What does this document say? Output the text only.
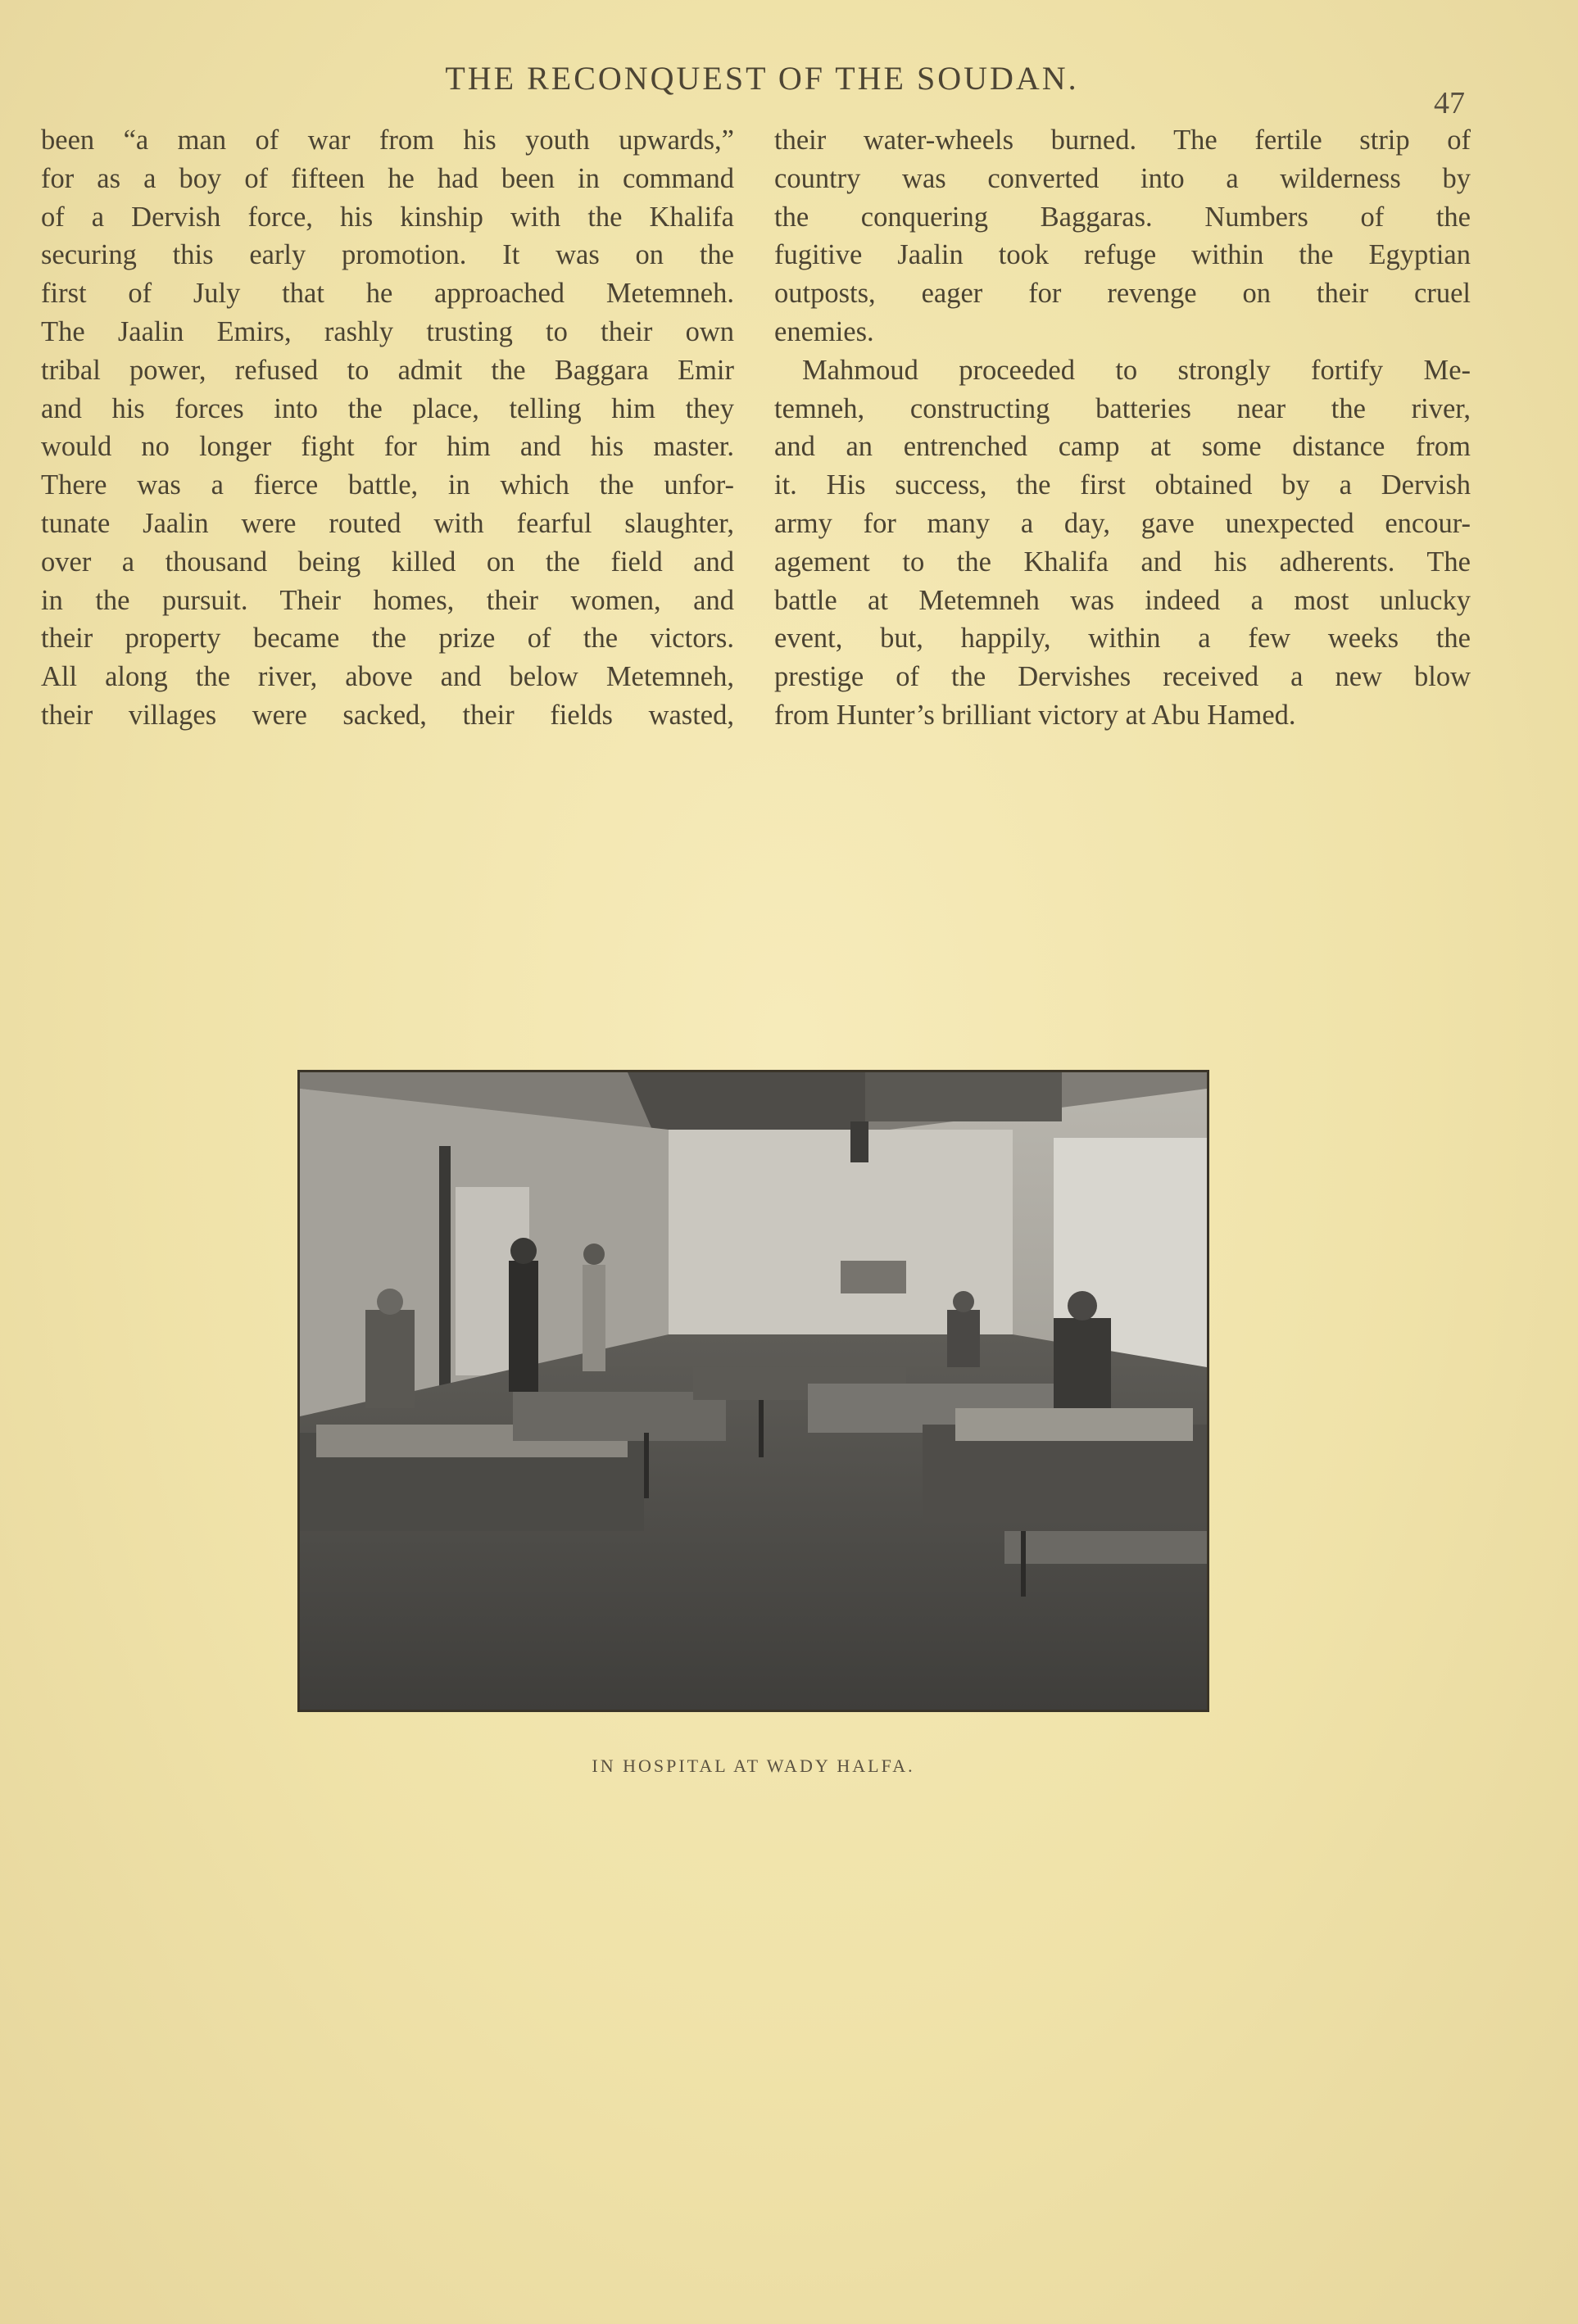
THE RECONQUEST OF THE SOUDAN.
47
been “a man of war from his youth upwards,”
for as a boy of fifteen he had been in command
of a Dervish force, his kinship with the Khalifa
securing this early promotion. It was on the
first of July that he approached Metemneh.
The Jaalin Emirs, rashly trusting to their own
tribal power, refused to admit the Baggara Emir
and his forces into the place, telling him they
would no longer fight for him and his master.
There was a fierce battle, in which the unfor-
tunate Jaalin were routed with fearful slaughter,
over a thousand being killed on the field and
in the pursuit. Their homes, their women, and
their property became the prize of the victors.
All along the river, above and below Metemneh,
their villages were sacked, their fields wasted,
their water-wheels burned. The fertile strip of
country was converted into a wilderness by
the conquering Baggaras. Numbers of the
fugitive Jaalin took refuge within the Egyptian
outposts, eager for revenge on their cruel
enemies.
Mahmoud proceeded to strongly fortify Me-
temneh, constructing batteries near the river,
and an entrenched camp at some distance from
it. His success, the first obtained by a Dervish
army for many a day, gave unexpected encour-
agement to the Khalifa and his adherents. The
battle at Metemneh was indeed a most unlucky
event, but, happily, within a few weeks the
prestige of the Dervishes received a new blow
from Hunter’s brilliant victory at Abu Hamed.
IN HOSPITAL AT WADY HALFA.
